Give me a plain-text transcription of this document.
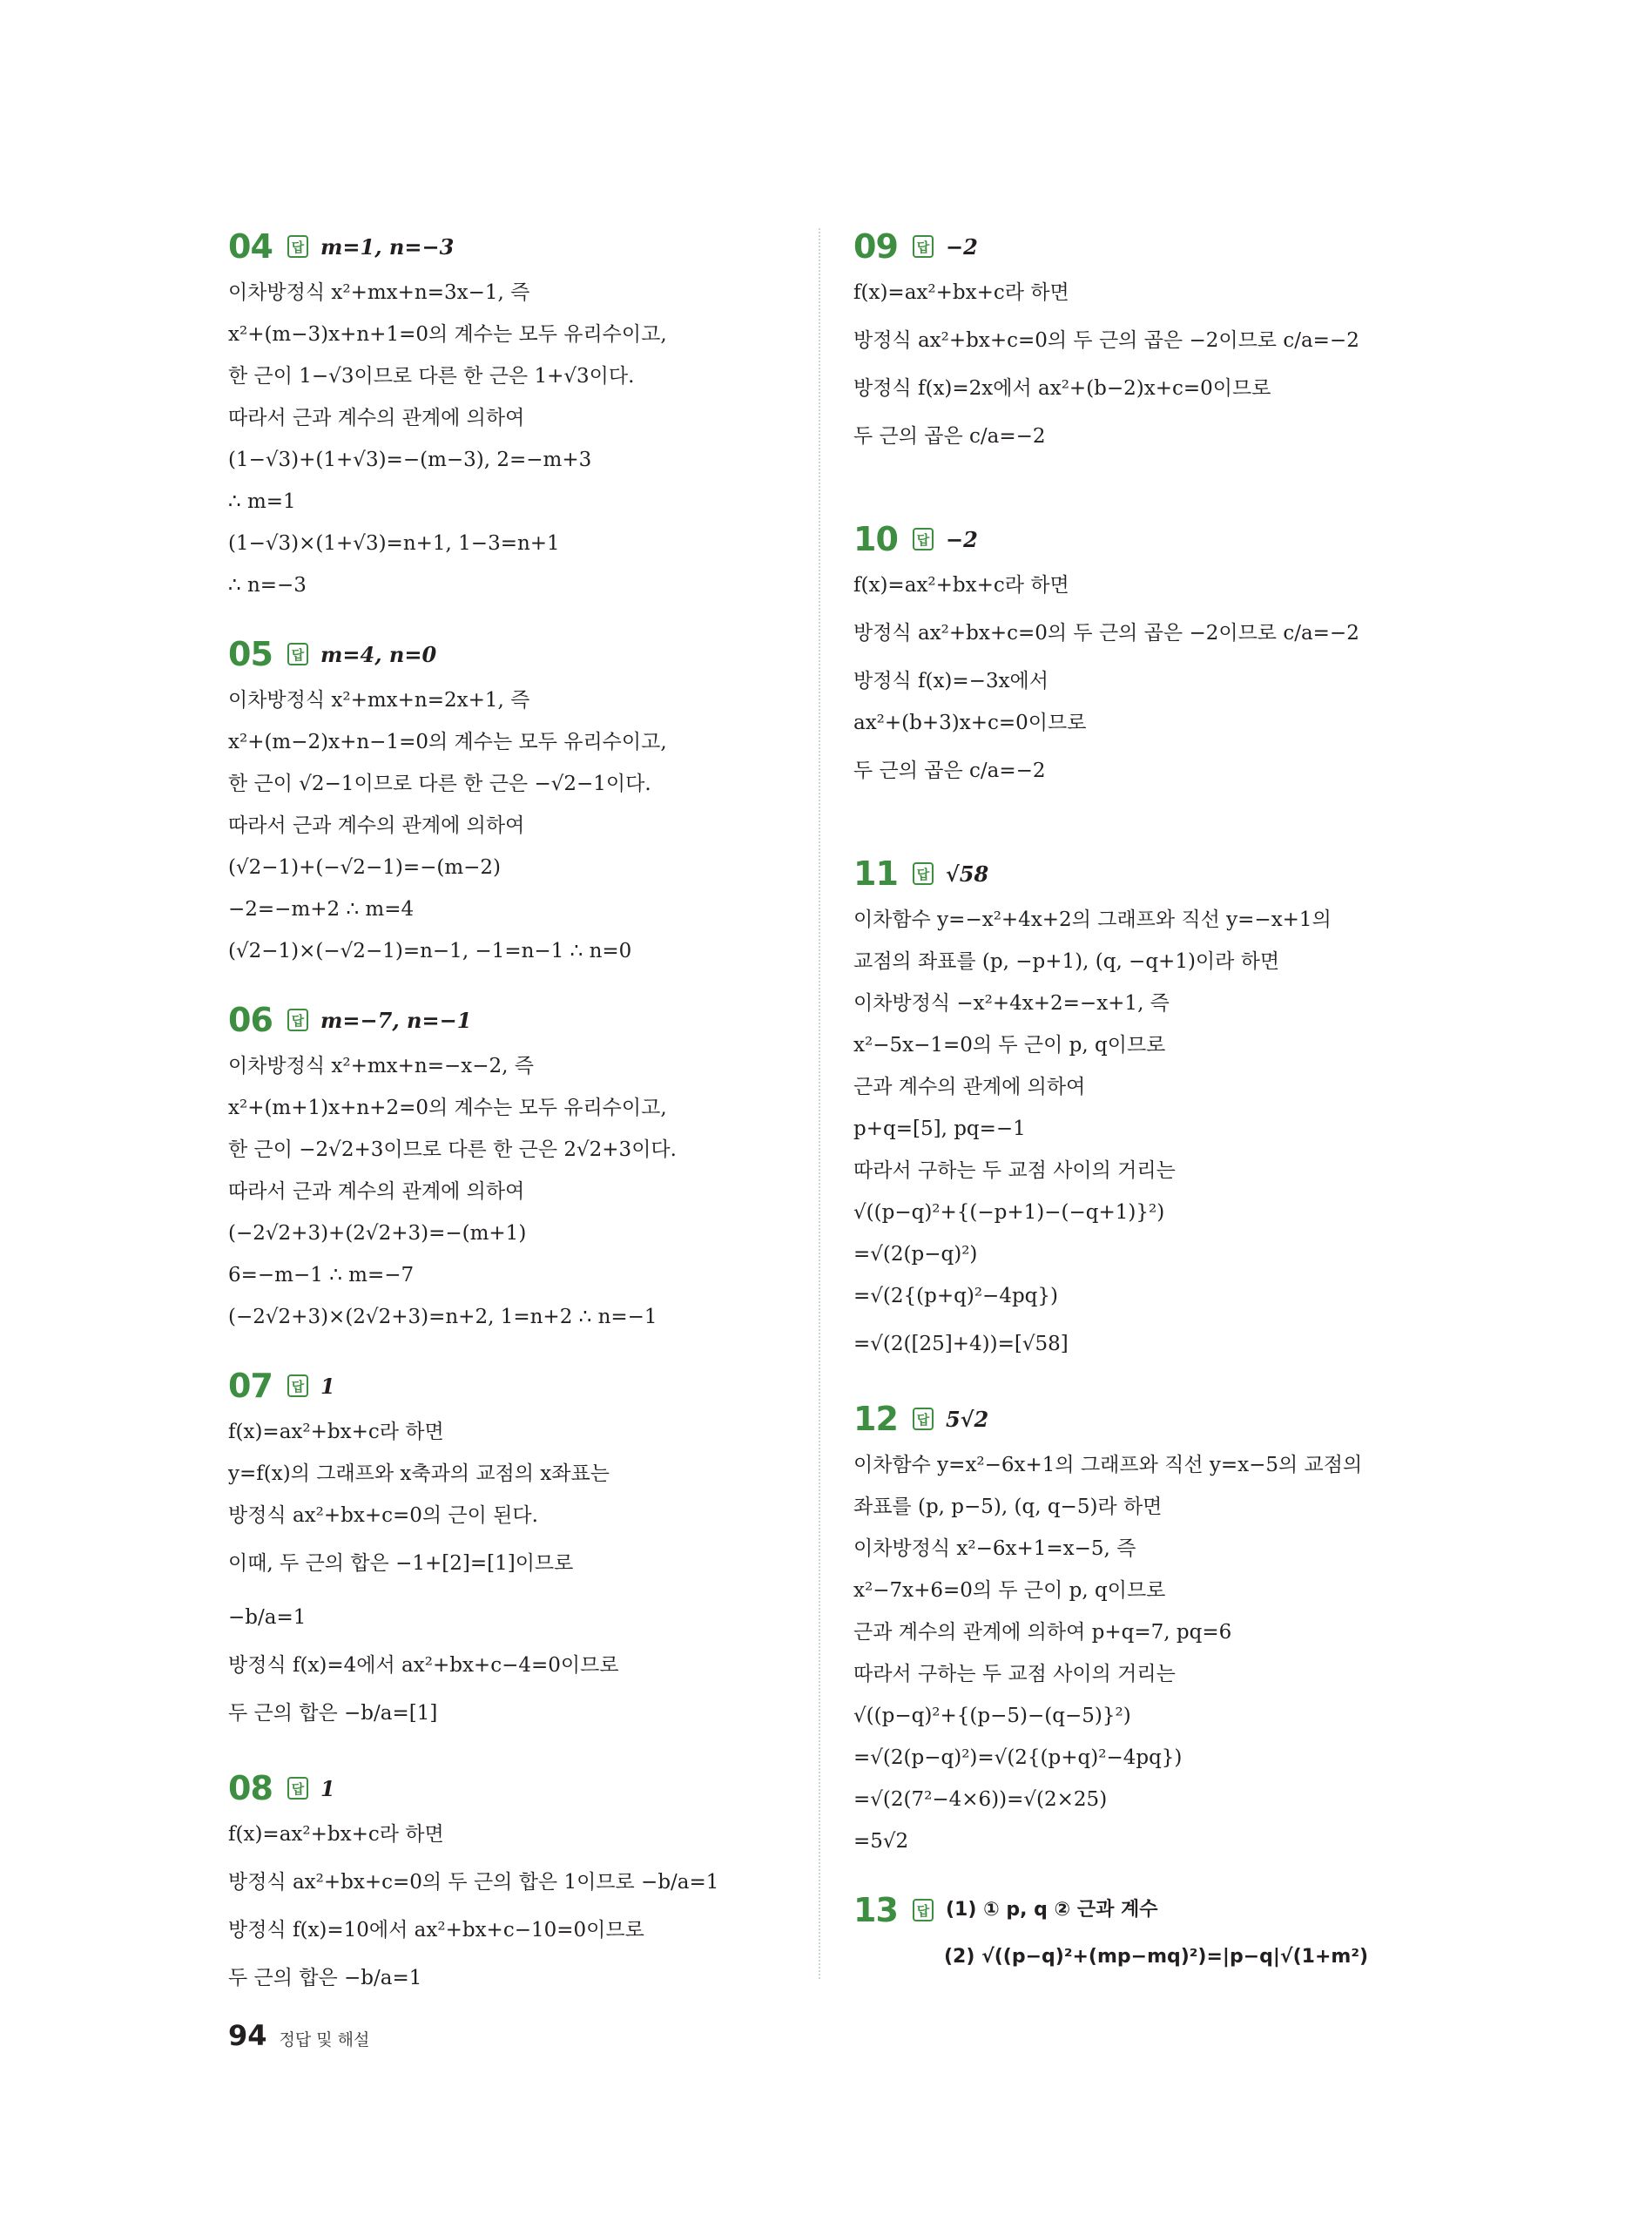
04	답 m=1, n=−3
이차방정식 x²+mx+n=3x−1, 즉
x²+(m−3)x+n+1=0의 계수는 모두 유리수이고,
한 근이 1−√3이므로 다른 한 근은 1+√3이다.
따라서 근과 계수의 관계에 의하여
(1−√3)+(1+√3)=−(m−3), 2=−m+3
∴ m=1
(1−√3)×(1+√3)=n+1, 1−3=n+1
∴ n=−3
05	답 m=4, n=0
이차방정식 x²+mx+n=2x+1, 즉
x²+(m−2)x+n−1=0의 계수는 모두 유리수이고,
한 근이 √2−1이므로 다른 한 근은 −√2−1이다.
따라서 근과 계수의 관계에 의하여
(√2−1)+(−√2−1)=−(m−2)
−2=−m+2 ∴ m=4
(√2−1)×(−√2−1)=n−1, −1=n−1 ∴ n=0
06	답 m=−7, n=−1
이차방정식 x²+mx+n=−x−2, 즉
x²+(m+1)x+n+2=0의 계수는 모두 유리수이고,
한 근이 −2√2+3이므로 다른 한 근은 2√2+3이다.
따라서 근과 계수의 관계에 의하여
(−2√2+3)+(2√2+3)=−(m+1)
6=−m−1 ∴ m=−7
(−2√2+3)×(2√2+3)=n+2, 1=n+2 ∴ n=−1
07	답 1
f(x)=ax²+bx+c라 하면
y=f(x)의 그래프와 x축과의 교점의 x좌표는
방정식 ax²+bx+c=0의 근이 된다.
이때, 두 근의 합은 −1+[2]=[1]이므로
−b/a=1
방정식 f(x)=4에서 ax²+bx+c−4=0이므로
두 근의 합은 −b/a=[1]
08	답 1
f(x)=ax²+bx+c라 하면
방정식 ax²+bx+c=0의 두 근의 합은 1이므로 −b/a=1
방정식 f(x)=10에서 ax²+bx+c−10=0이므로
두 근의 합은 −b/a=1
09	답 −2
f(x)=ax²+bx+c라 하면
방정식 ax²+bx+c=0의 두 근의 곱은 −2이므로 c/a=−2
방정식 f(x)=2x에서 ax²+(b−2)x+c=0이므로
두 근의 곱은 c/a=−2
10	답 −2
f(x)=ax²+bx+c라 하면
방정식 ax²+bx+c=0의 두 근의 곱은 −2이므로 c/a=−2
방정식 f(x)=−3x에서
ax²+(b+3)x+c=0이므로
두 근의 곱은 c/a=−2
11	답 √58
이차함수 y=−x²+4x+2의 그래프와 직선 y=−x+1의
교점의 좌표를 (p, −p+1), (q, −q+1)이라 하면
이차방정식 −x²+4x+2=−x+1, 즉
x²−5x−1=0의 두 근이 p, q이므로
근과 계수의 관계에 의하여
p+q=[5], pq=−1
따라서 구하는 두 교점 사이의 거리는
√((p−q)²+{(−p+1)−(−q+1)}²)
=√(2(p−q)²)
=√(2{(p+q)²−4pq})
=√(2([25]+4))=[√58]
12	답 5√2
이차함수 y=x²−6x+1의 그래프와 직선 y=x−5의 교점의
좌표를 (p, p−5), (q, q−5)라 하면
이차방정식 x²−6x+1=x−5, 즉
x²−7x+6=0의 두 근이 p, q이므로
근과 계수의 관계에 의하여 p+q=7, pq=6
따라서 구하는 두 교점 사이의 거리는
√((p−q)²+{(p−5)−(q−5)}²)
=√(2(p−q)²)=√(2{(p+q)²−4pq})
=√(2(7²−4×6))=√(2×25)
=5√2
13	답 (1) ① p, q ② 근과 계수
(2) √((p−q)²+(mp−mq)²)=|p−q|√(1+m²)
94 정답 및 해설
